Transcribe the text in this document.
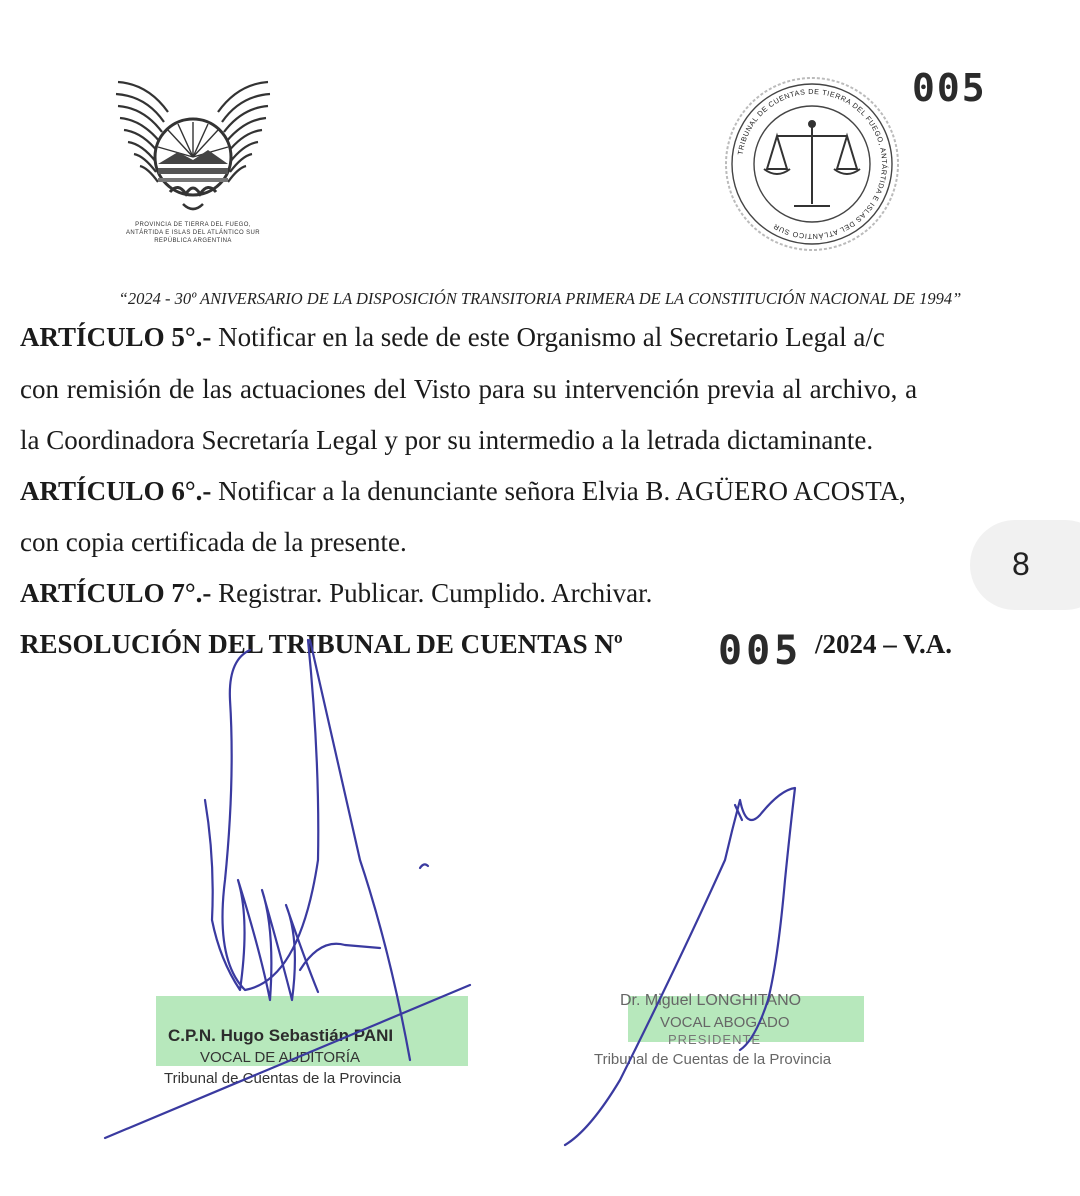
PROVINCIA DE TIERRA DEL FUEGO,
ANTÁRTIDA E ISLAS DEL ATLÁNTICO SUR
REPÚBLICA ARGENTINA
TRIBUNAL DE CUENTAS DE TIERRA DEL FUEGO, ANTÁRTIDA E ISLAS DEL ATLÁNTICO SUR
005
“2024 - 30º ANIVERSARIO DE LA DISPOSICIÓN TRANSITORIA PRIMERA DE LA CONSTITUCIÓN NACIONAL DE 1994”
ARTÍCULO 5°.- Notificar en la sede de este Organismo al Secretario Legal a/c
con remisión de las actuaciones del Visto para su intervención previa al archivo, a
la Coordinadora Secretaría Legal y por su intermedio a la letrada dictaminante.
ARTÍCULO 6°.- Notificar a la denunciante señora Elvia B. AGÜERO ACOSTA,
con copia certificada de la presente.
ARTÍCULO 7°.- Registrar. Publicar. Cumplido. Archivar.
RESOLUCIÓN DEL TRIBUNAL DE CUENTAS Nº	005 /2024 – V.A.
8
C.P.N. Hugo Sebastián PANI
VOCAL DE AUDITORÍA
Tribunal de Cuentas de la Provincia
Dr. Miguel LONGHITANO
VOCAL ABOGADO
PRESIDENTE
Tribunal de Cuentas de la Provincia
